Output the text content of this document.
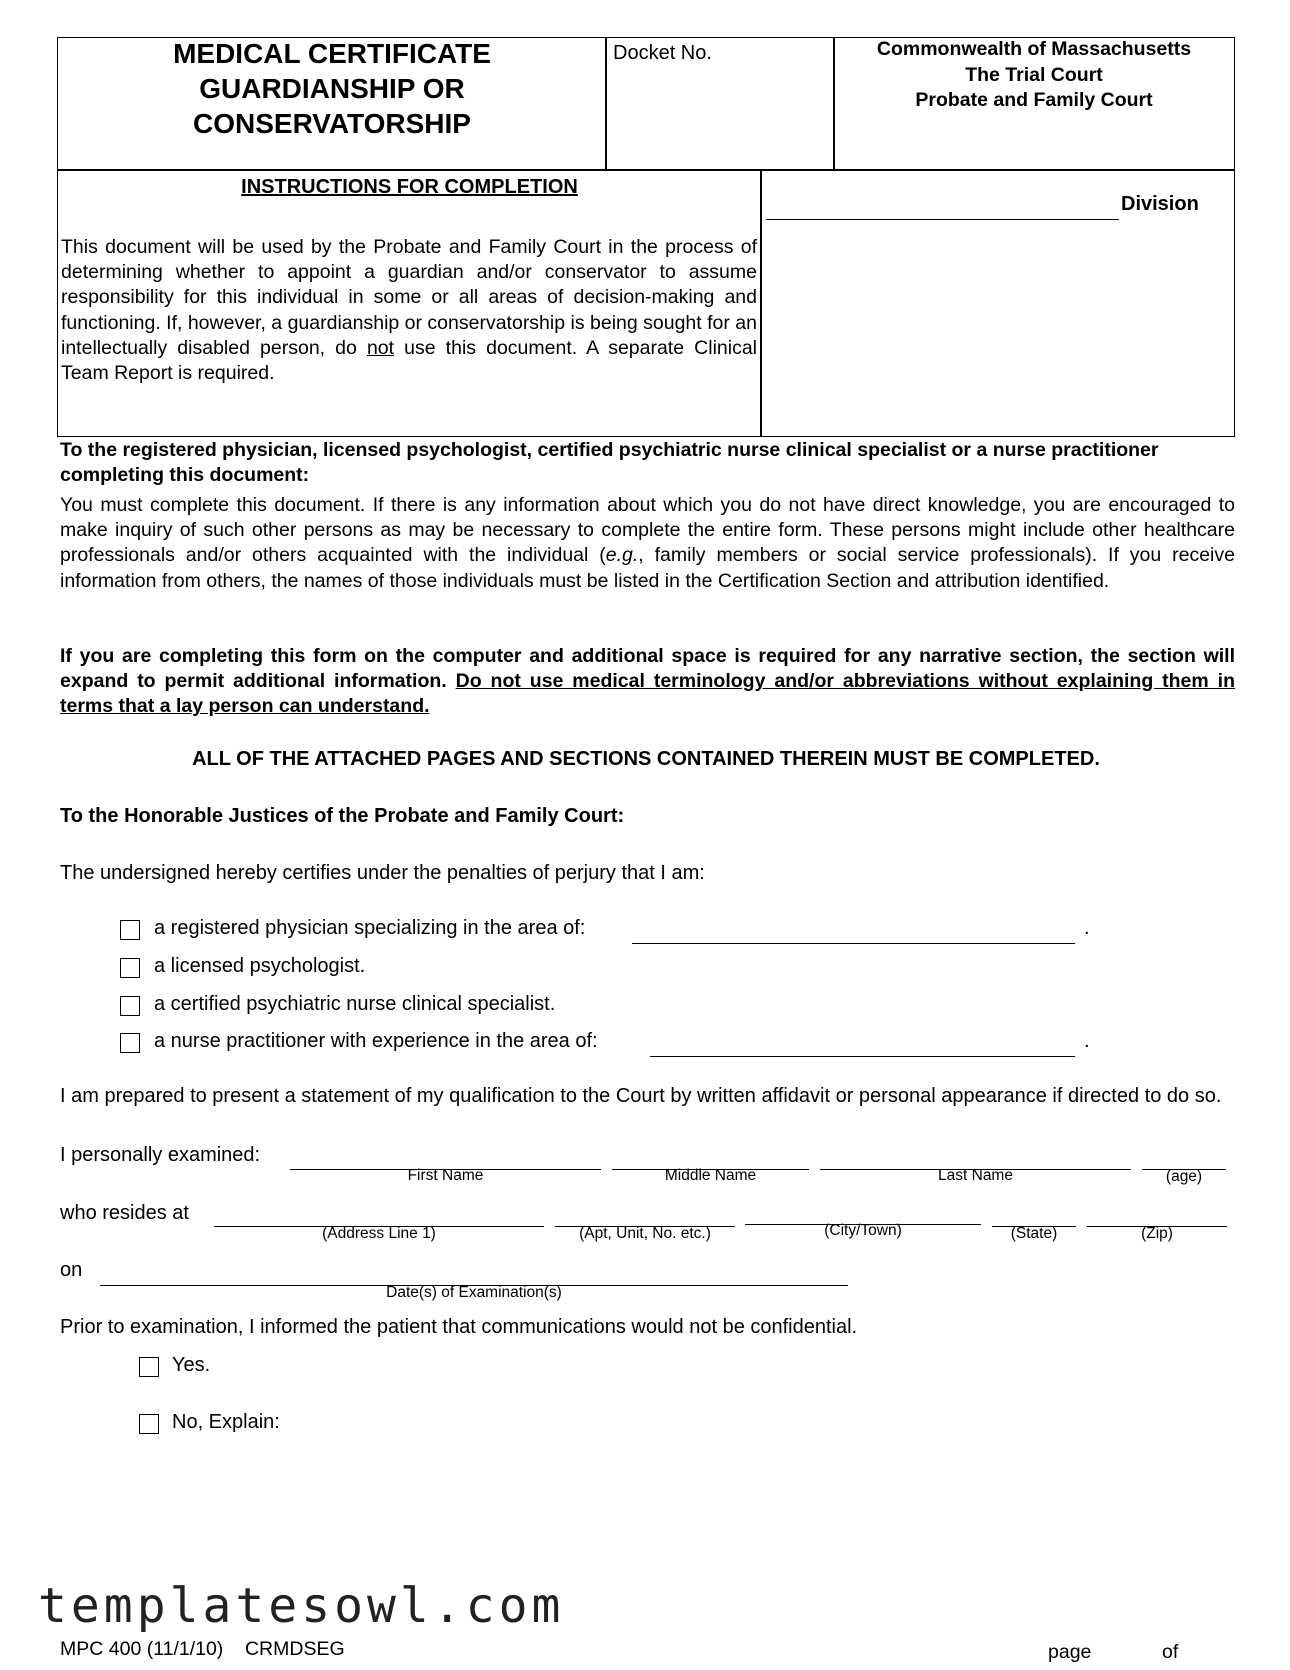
MEDICAL CERTIFICATE
GUARDIANSHIP OR
CONSERVATORSHIP
Docket No.	Commonwealth of Massachusetts
The Trial Court
Probate and Family Court
INSTRUCTIONS FOR COMPLETION
This document will be used by the Probate and Family Court in the process of determining whether to appoint a guardian and/or conservator to assume responsibility for this individual in some or all areas of decision-making and functioning. If, however, a guardianship or conservatorship is being sought for an intellectually disabled person, do not use this document. A separate Clinical Team Report is required.
Division
To the registered physician, licensed psychologist, certified psychiatric nurse clinical specialist or a nurse practitioner completing this document:
You must complete this document. If there is any information about which you do not have direct knowledge, you are encouraged to make inquiry of such other persons as may be necessary to complete the entire form. These persons might include other healthcare professionals and/or others acquainted with the individual (e.g., family members or social service professionals). If you receive information from others, the names of those individuals must be listed in the Certification Section and attribution identified.
If you are completing this form on the computer and additional space is required for any narrative section, the section will expand to permit additional information. Do not use medical terminology and/or abbreviations without explaining them in terms that a lay person can understand.
ALL OF THE ATTACHED PAGES AND SECTIONS CONTAINED THEREIN MUST BE COMPLETED.
To the Honorable Justices of the Probate and Family Court:
The undersigned hereby certifies under the penalties of perjury that I am:
a registered physician specializing in the area of:	.
a licensed psychologist.
a certified psychiatric nurse clinical specialist.
a nurse practitioner with experience in the area of:	.
I am prepared to present a statement of my qualification to the Court by written affidavit or personal appearance if directed to do so.
I personally examined:
First Name	Middle Name	Last Name	(age)
who resides at
(Address Line 1)	(Apt, Unit, No. etc.)	(City/Town)	(State)	(Zip)
on
Date(s) of Examination(s)
Prior to examination, I informed the patient that communications would not be confidential.
Yes.
No, Explain:
templatesowl.com
MPC 400 (11/1/10)    CRMDSEG	page	of
